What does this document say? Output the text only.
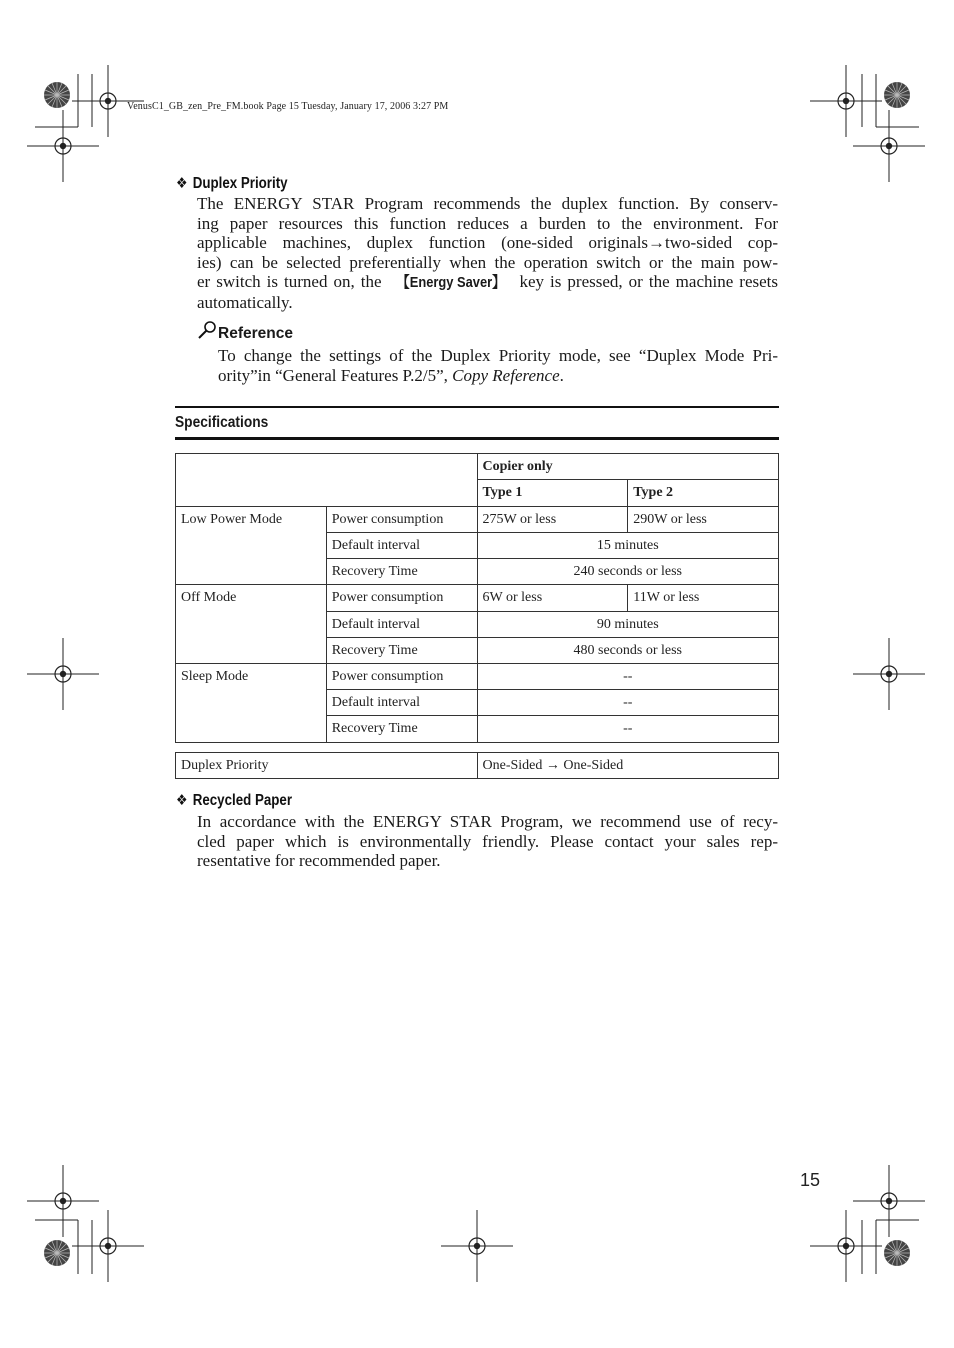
VenusC1_GB_zen_Pre_FM.book Page 15 Tuesday, January 17, 2006 3:27 PM
❖ Duplex Priority
The ENERGY STAR Program recommends the duplex function. By conserv-
ing paper resources this function reduces a burden to the environment. For
applicable machines, duplex function (one-sided originals→two-sided cop-
ies) can be selected preferentially when the operation switch or the main pow-
er switch is turned on, the 【Energy Saver】 key is pressed, or the machine resets
automatically.
Reference
To change the settings of the Duplex Priority mode, see “Duplex Mode Pri-
ority”in “General Features P.2/5”, Copy Reference.
Specifications
		Copier only	
		Type 1	Type 2
Low Power Mode	Power consumption	275W or less	290W or less
	Default interval	15 minutes	
	Recovery Time	240 seconds or less	
Off Mode	Power consumption	6W or less	11W or less
	Default interval	90 minutes	
	Recovery Time	480 seconds or less	
Sleep Mode	Power consumption	--	
	Default interval	--	
	Recovery Time	--	
Duplex Priority	One-Sided → One-Sided
❖ Recycled Paper
In accordance with the ENERGY STAR Program, we recommend use of recy-
cled paper which is environmentally friendly. Please contact your sales rep-
resentative for recommended paper.
15
